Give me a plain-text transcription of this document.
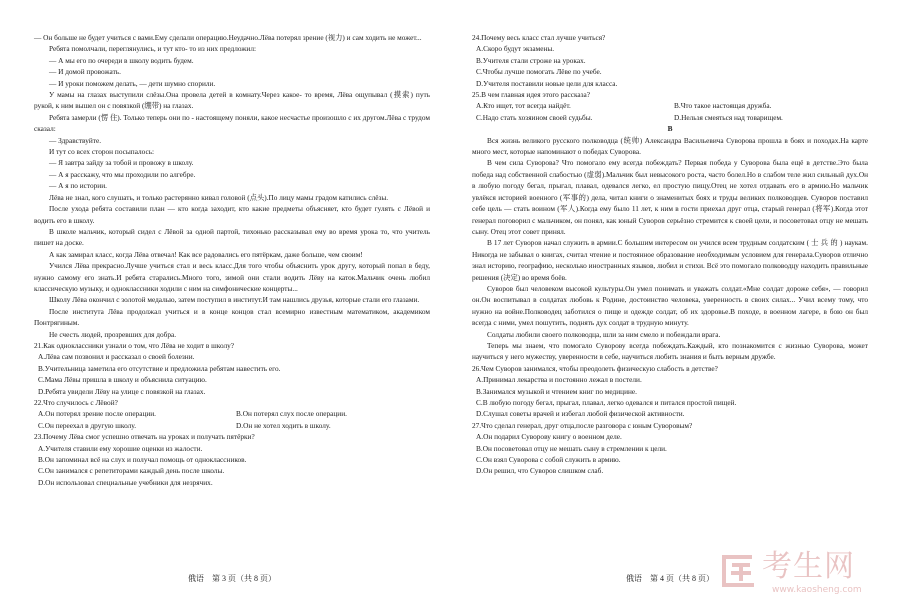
— Он больше не будет учиться с вами.Ему сделали операцию.Неудачно.Лёва потерял зрение (视力) и сам ходить не может...

Ребята помолчали, переглянулись, и тут кто- то из них предложил:

— А мы его по очереди в школу водить будем.

— И домой провожать.

— И уроки поможем делать, — дети шумно спорили.

У мамы на глазах выступили слёзы.Она провела детей в комнату.Через какое- то время, Лёва ощупывал (摸索) путь рукой, к ним вышел он с повязкой (绷带) на глазах.

Ребята замерли (愣 住). Только теперь они по - настоящему поняли, какое несчастье произошло с их другом.Лёва с трудом сказал:

— Здравствуйте.

И тут со всех сторон посыпалось:

— Я завтра зайду за тобой и провожу в школу.

— А я расскажу, что мы проходили по алгебре.

— А я по истории.

Лёва не знал, кого слушать, и только растерянно кивал головой (点头).По лицу мамы градом катились слёзы.

После ухода ребята составили план — кто когда заходит, кто какие предметы объясняет, кто будет гулять с Лёвой и водить его в школу.

В школе мальчик, который сидел с Лёвой за одной партой, тихонько рассказывал ему во время урока то, что учитель пишет на доске.

А как замирал класс, когда Лёва отвечал! Как все радовались его пятёркам, даже больше, чем своим!

Учился Лёва прекрасно.Лучше учиться стал и весь класс.Для того чтобы объяснить урок другу, который попал в беду, нужно самому его знать.И ребята старались.Много того, зимой они стали водить Лёву на каток.Мальчик очень любил классическую музыку, и одноклассники ходили с ним на симфонические концерты...

Школу Лёва окончил с золотой медалью, затем поступил в институт.И там нашлись друзья, которые стали его глазами.

После института Лёва продолжал учиться и в конце концов стал всемирно известным математиком, академиком Понтрягиным.

Не счесть людей, прозревших для добра.

21.Как одноклассники узнали о том, что Лёва не ходит в школу?

A.Лёва сам позвонил и рассказал о своей болезни.

B.Учительница заметила его отсутствие и предложила ребятам навестить его.

C.Мама Лёвы пришла в школу и объяснила ситуацию.

D.Ребята увидели Лёву на улице с повязкой на глазах.

22.Что случилось с Лёвой?

A.Он потерял зрение после операции.	B.Он потерял слух после операции.
C.Он переехал в другую школу.	D.Он не хотел ходить в школу.

23.Почему Лёва смог успешно отвечать на уроках и получать пятёрки?

A.Учителя ставили ему хорошие оценки из жалости.

B.Он запоминал всё на слух и получал помощь от одноклассников.

C.Он занимался с репетиторами каждый день после школы.

D.Он использовал специальные учебники для незрячих.

24.Почему весь класс стал лучше учиться?

A.Скоро будут экзамены.

B.Учителя стали строже на уроках.

C.Чтобы лучше помогать Лёве по учебе.

D.Учителя поставили новые цели для класса.

25.В чем главная идея этого рассказа?

A.Кто ищет, тот всегда найдёт.	B.Что такое настоящая дружба.
C.Надо стать хозяином своей судьбы.	D.Нельзя смеяться над товарищем.

B

Вся жизнь великого русского полководца (统帅) Александра Васильевича Суворова прошла в боях и походах.На карте много мест, которые напоминают о победах Суворова.

В чем сила Суворова? Что помогало ему всегда побеждать? Первая победа у Суворова была ещё в детстве.Это была победа над собственной слабостью (虚弱).Мальчик был невысокого роста, часто болел.Но в слабом теле жил сильный дух.Он в любую погоду бегал, прыгал, плавал, одевался легко, ел простую пищу.Отец не хотел отдавать его в армию.Но мальчик увлёкся историей военного (军事的) дела, читал книги о знаменитых боях и труды великих полководцев. Суворов поставил себе цель — стать воином (军人).Когда ему было 11 лет, к ним в гости приехал друг отца, старый генерал (将军).Когда этот генерал поговорил с мальчиком, он понял, как юный Суворов серьёзно стремится к своей цели, и посоветовал отцу не мешать сыну. Отец этот совет принял.

В 17 лет Суворов начал служить в армии.С большим интересом он учился всем трудным солдатским ( 士 兵 的 ) наукам. Никогда не забывал о книгах, считал чтение и постоянное образование необходимым условием для генерала.Суворов отлично знал историю, географию, несколько иностранных языков, любил и стихи. Всё это помогало полководцу находить правильные решения (决定) во время боёв.

Суворов был человеком высокой культуры.Он умел понимать и уважать солдат.«Мне солдат дороже себя», — говорил он.Он воспитывал в солдатах любовь к Родине, достоинство человека, уверенность в своих силах... Учил всему тому, что нужно на войне.Полководец заботился о пище и одежде солдат, об их здоровье.В походе, в военном лагере, в бою он был всегда с ними, умел пошутить, поднять дух солдат в трудную минуту.

Солдаты любили своего полководца, шли за ним смело и побеждали врага.

Теперь мы знаем, что помогало Суворову всегда побеждать.Каждый, кто познакомится с жизнью Суворова, может научиться у него мужеству, уверенности в себе, научиться любить знания и быть верным дружбе.

26.Чем Суворов занимался, чтобы преодолеть физическую слабость в детстве?

A.Принимал лекарства и постоянно лежал в постели.

B.Занимался музыкой и чтением книг по медицине.

C.В любую погоду бегал, прыгал, плавал, легко одевался и питался простой пищей.

D.Слушал советы врачей и избегал любой физической активности.

27.Что сделал генерал, друг отца,после разговора с юным Суворовым?

A.Он подарил Суворову книгу о военном деле.

B.Он посоветовал отцу не мешать сыну в стремлении к цели.

C.Он взял Суворова с собой служить в армию.

D.Он решил, что Суворов слишком слаб.

俄语　第 3 页（共 8 页）	俄语　第 4 页（共 8 页）	考生网
www.kaosheng.com
